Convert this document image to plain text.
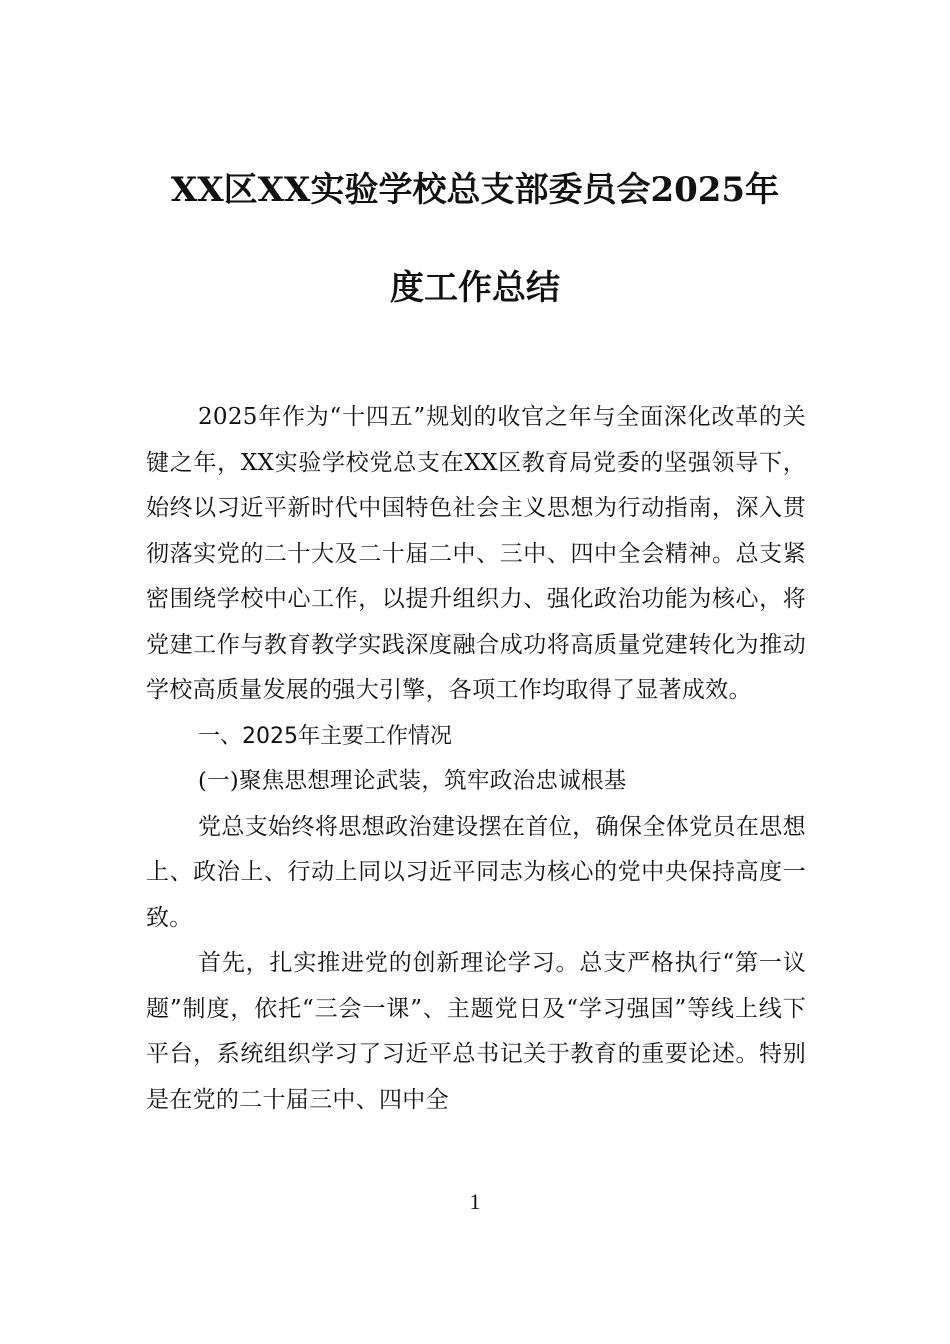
XX区XX实验学校总支部委员会2025年
度工作总结

2025年作为“十四五”规划的收官之年与全面深化改革的关键之年，XX实验学校党总支在XX区教育局党委的坚强领导下，始终以习近平新时代中国特色社会主义思想为行动指南，深入贯彻落实党的二十大及二十届二中、三中、四中全会精神。总支紧密围绕学校中心工作，以提升组织力、强化政治功能为核心，将党建工作与教育教学实践深度融合成功将高质量党建转化为推动学校高质量发展的强大引擎，各项工作均取得了显著成效。

一、2025年主要工作情况

(一)聚焦思想理论武装，筑牢政治忠诚根基

党总支始终将思想政治建设摆在首位，确保全体党员在思想上、政治上、行动上同以习近平同志为核心的党中央保持高度一致。

首先，扎实推进党的创新理论学习。总支严格执行“第一议题”制度，依托“三会一课”、主题党日及“学习强国”等线上线下平台，系统组织学习了习近平总书记关于教育的重要论述。特别是在党的二十届三中、四中全

1
